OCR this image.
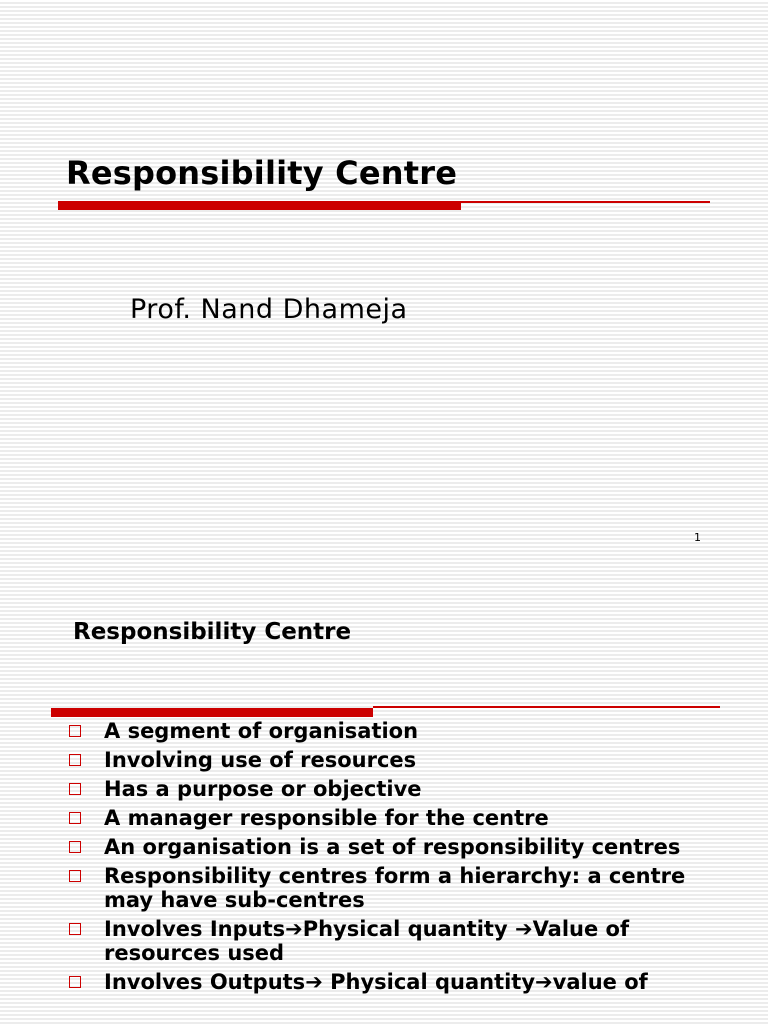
Responsibility Centre
Prof. Nand Dhameja
1
Responsibility Centre
A segment of organisation
Involving use of resources
Has a purpose or objective
A manager responsible for the centre
An organisation is a set of responsibility centres
Responsibility centres form a hierarchy: a centre may have sub-centres
Involves Inputs➔Physical quantity ➔Value of resources used
Involves Outputs➔ Physical quantity➔value of
